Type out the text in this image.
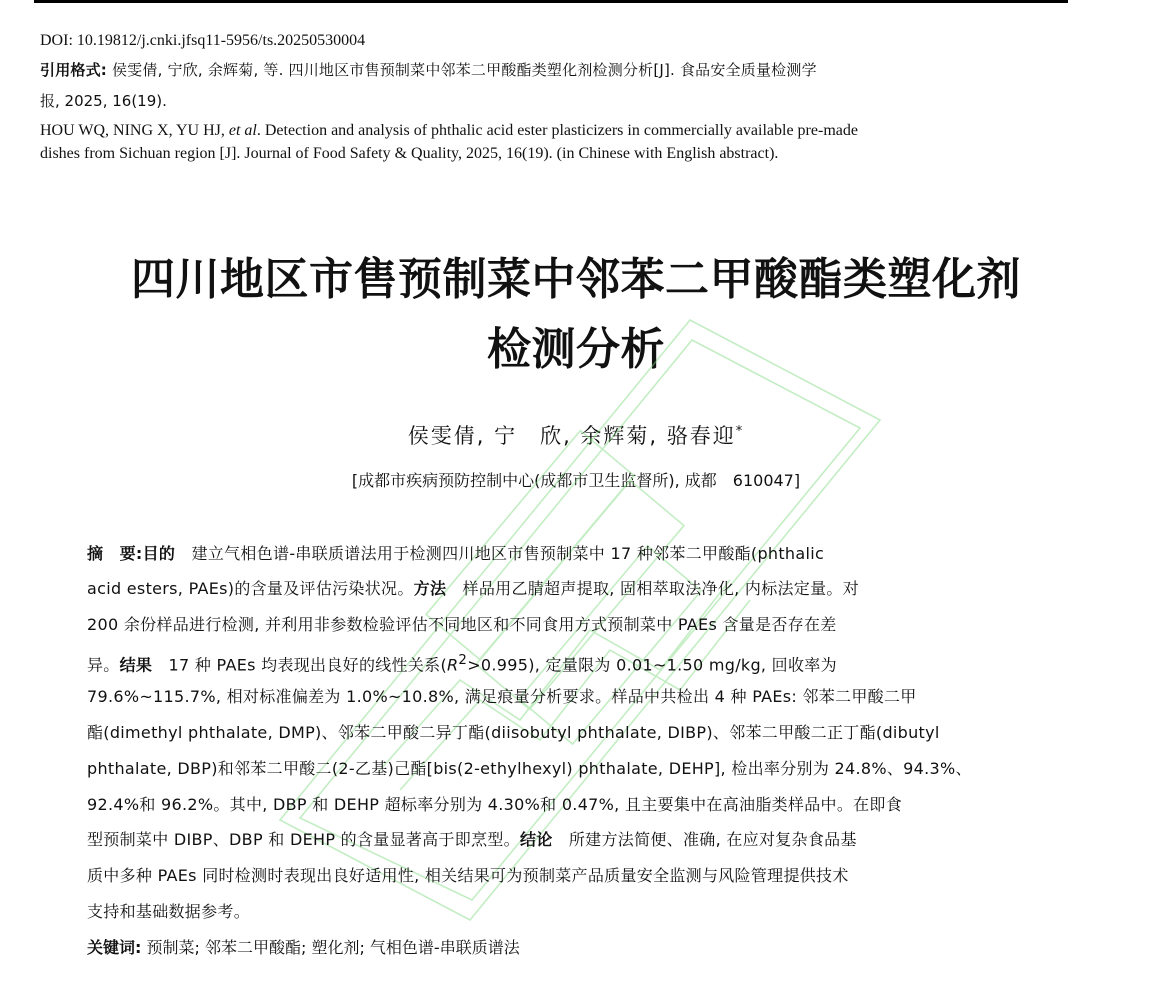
DOI: 10.19812/j.cnki.jfsq11-5956/ts.20250530004
引用格式: 侯雯倩, 宁欣, 余辉菊, 等. 四川地区市售预制菜中邻苯二甲酸酯类塑化剂检测分析[J]. 食品安全质量检测学
报, 2025, 16(19).
HOU WQ, NING X, YU HJ, et al. Detection and analysis of phthalic acid ester plasticizers in commercially available pre-made
dishes from Sichuan region [J]. Journal of Food Safety & Quality, 2025, 16(19). (in Chinese with English abstract).
四川地区市售预制菜中邻苯二甲酸酯类塑化剂
检测分析
侯雯倩, 宁　欣, 余辉菊, 骆春迎*
[成都市疾病预防控制中心(成都市卫生监督所), 成都　610047]
摘　要:目的　建立气相色谱-串联质谱法用于检测四川地区市售预制菜中 17 种邻苯二甲酸酯(phthalic
acid esters, PAEs)的含量及评估污染状况。方法　样品用乙腈超声提取, 固相萃取法净化, 内标法定量。对
200 余份样品进行检测, 并利用非参数检验评估不同地区和不同食用方式预制菜中 PAEs 含量是否存在差
异。结果　17 种 PAEs 均表现出良好的线性关系$(R^2>0.995)$, 定量限为 0.01~1.50 mg/kg, 回收率为
79.6%~115.7%, 相对标准偏差为 1.0%~10.8%, 满足痕量分析要求。样品中共检出 4 种 PAEs: 邻苯二甲酸二甲
酯(dimethyl phthalate, DMP)、邻苯二甲酸二异丁酯(diisobutyl phthalate, DIBP)、邻苯二甲酸二正丁酯(dibutyl
phthalate, DBP)和邻苯二甲酸二(2-乙基)己酯[bis(2-ethylhexyl) phthalate, DEHP], 检出率分别为 24.8%、94.3%、
92.4%和 96.2%。其中, DBP 和 DEHP 超标率分别为 4.30%和 0.47%, 且主要集中在高油脂类样品中。在即食
型预制菜中 DIBP、DBP 和 DEHP 的含量显著高于即烹型。结论　所建方法简便、准确, 在应对复杂食品基
质中多种 PAEs 同时检测时表现出良好适用性, 相关结果可为预制菜产品质量安全监测与风险管理提供技术
支持和基础数据参考。
关键词: 预制菜; 邻苯二甲酸酯; 塑化剂; 气相色谱-串联质谱法
